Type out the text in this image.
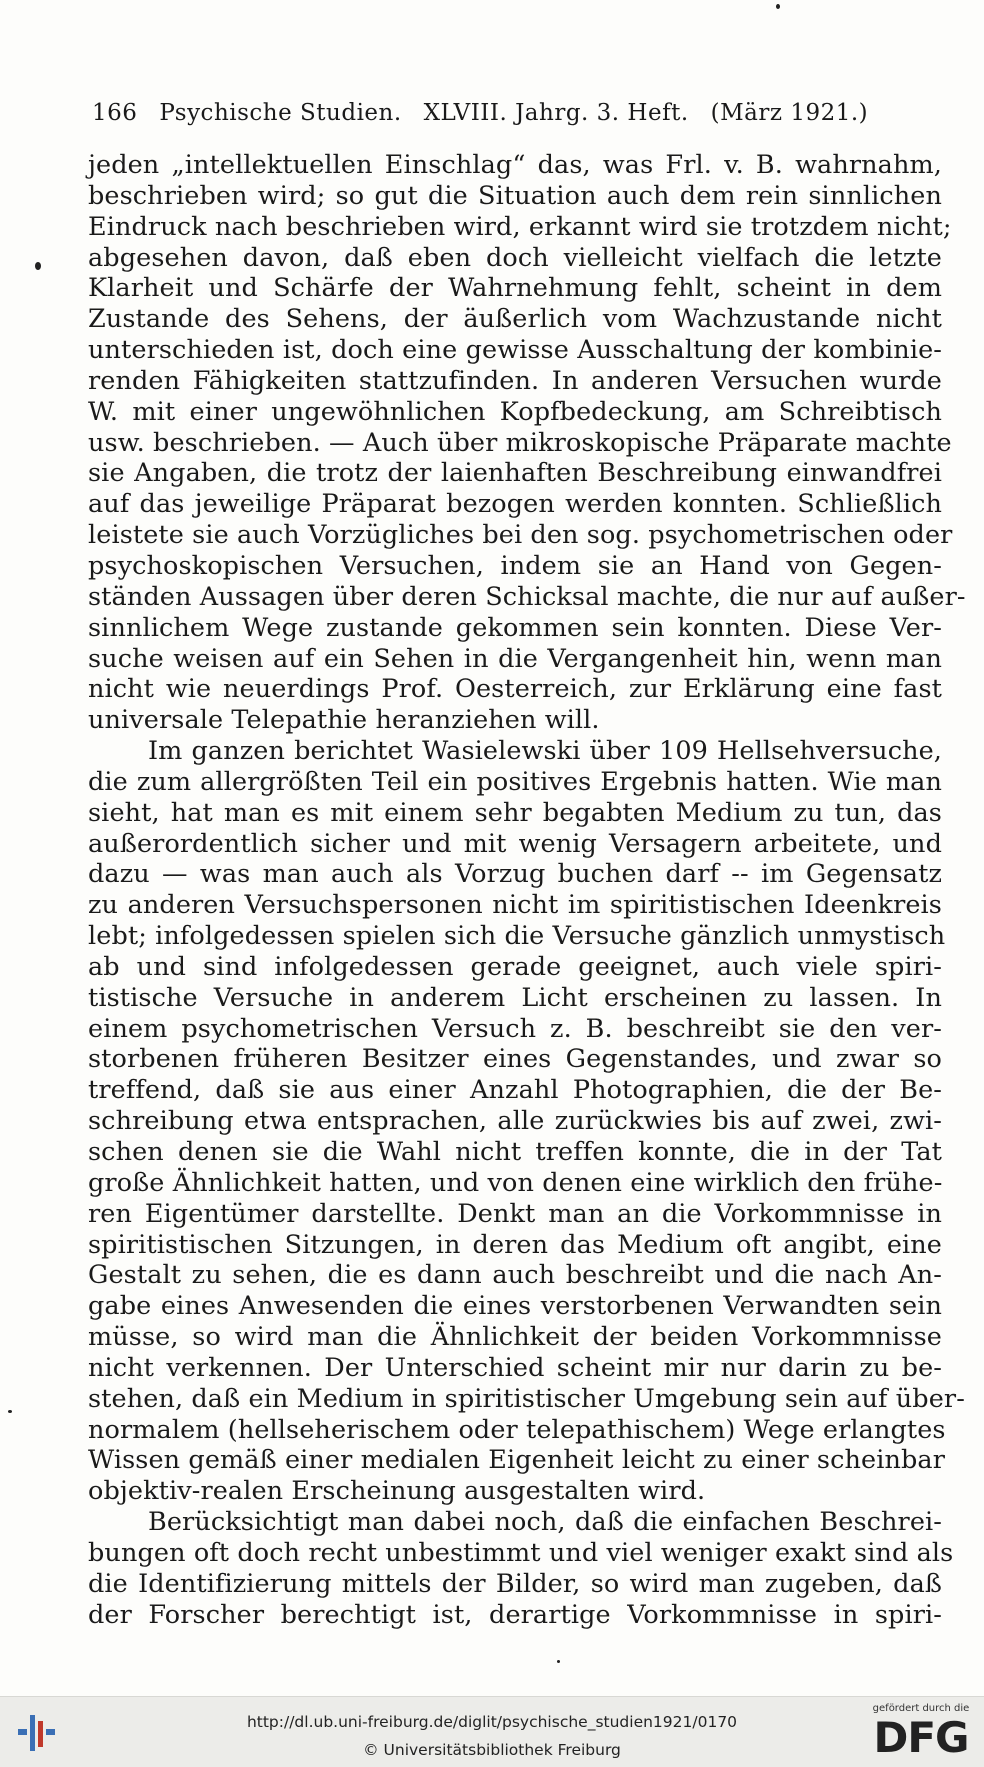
166 Psychische Studien. XLVIII. Jahrg. 3. Heft. (März 1921.)
jeden „intellektuellen Einschlag“ das, was Frl. v. B. wahrnahm,
beschrieben wird; so gut die Situation auch dem rein sinnlichen
Eindruck nach beschrieben wird, erkannt wird sie trotzdem nicht;
abgesehen davon, daß eben doch vielleicht vielfach die letzte
Klarheit und Schärfe der Wahrnehmung fehlt, scheint in dem
Zustande des Sehens, der äußerlich vom Wachzustande nicht
unterschieden ist, doch eine gewisse Ausschaltung der kombinie-
renden Fähigkeiten stattzufinden. In anderen Versuchen wurde
W. mit einer ungewöhnlichen Kopfbedeckung, am Schreibtisch
usw. beschrieben. — Auch über mikroskopische Präparate machte
sie Angaben, die trotz der laienhaften Beschreibung einwandfrei
auf das jeweilige Präparat bezogen werden konnten. Schließlich
leistete sie auch Vorzügliches bei den sog. psychometrischen oder
psychoskopischen Versuchen, indem sie an Hand von Gegen-
ständen Aussagen über deren Schicksal machte, die nur auf außer-
sinnlichem Wege zustande gekommen sein konnten. Diese Ver-
suche weisen auf ein Sehen in die Vergangenheit hin, wenn man
nicht wie neuerdings Prof. Oesterreich, zur Erklärung eine fast
universale Telepathie heranziehen will.
Im ganzen berichtet Wasielewski über 109 Hellsehversuche,
die zum allergrößten Teil ein positives Ergebnis hatten. Wie man
sieht, hat man es mit einem sehr begabten Medium zu tun, das
außerordentlich sicher und mit wenig Versagern arbeitete, und
dazu — was man auch als Vorzug buchen darf -- im Gegensatz
zu anderen Versuchspersonen nicht im spiritistischen Ideenkreis
lebt; infolgedessen spielen sich die Versuche gänzlich unmystisch
ab und sind infolgedessen gerade geeignet, auch viele spiri-
tistische Versuche in anderem Licht erscheinen zu lassen. In
einem psychometrischen Versuch z. B. beschreibt sie den ver-
storbenen früheren Besitzer eines Gegenstandes, und zwar so
treffend, daß sie aus einer Anzahl Photographien, die der Be-
schreibung etwa entsprachen, alle zurückwies bis auf zwei, zwi-
schen denen sie die Wahl nicht treffen konnte, die in der Tat
große Ähnlichkeit hatten, und von denen eine wirklich den frühe-
ren Eigentümer darstellte. Denkt man an die Vorkommnisse in
spiritistischen Sitzungen, in deren das Medium oft angibt, eine
Gestalt zu sehen, die es dann auch beschreibt und die nach An-
gabe eines Anwesenden die eines verstorbenen Verwandten sein
müsse, so wird man die Ähnlichkeit der beiden Vorkommnisse
nicht verkennen. Der Unterschied scheint mir nur darin zu be-
stehen, daß ein Medium in spiritistischer Umgebung sein auf über-
normalem (hellseherischem oder telepathischem) Wege erlangtes
Wissen gemäß einer medialen Eigenheit leicht zu einer scheinbar
objektiv-realen Erscheinung ausgestalten wird.
Berücksichtigt man dabei noch, daß die einfachen Beschrei-
bungen oft doch recht unbestimmt und viel weniger exakt sind als
die Identifizierung mittels der Bilder, so wird man zugeben, daß
der Forscher berechtigt ist, derartige Vorkommnisse in spiri-
http://dl.ub.uni-freiburg.de/diglit/psychische_studien1921/0170
© Universitätsbibliothek Freiburg
gefördert durch die
DFG
